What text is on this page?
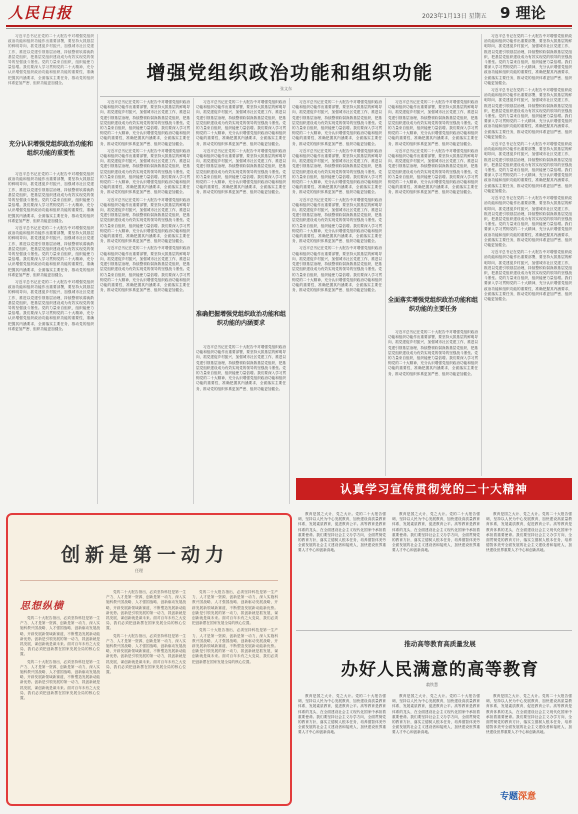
人民日报	2023年1月13日 星期五 9 理论
增强党组织政治功能和组织功能
张文东

习近平总书记在党的二十大报告中对增强党组织政治功能和组织功能作出重要部署，要坚持大抓基层的鲜明导向，抓党建促乡村振兴，加强城市社区党建工作，推进以党建引领基层治理，持续整顿软弱涣散基层党组织，把基层党组织建设成为有效实现党的领导的坚强战斗堡垒。党的力量来自组织，组织能使力量倍增。我们要深入学习贯彻党的二十大精神，充分认识增强党组织政治功能和组织功能的重要性，准确把握其内涵要求，全面落实主要任务，推动党的组织体系更加严密、组织功能更加健全。

充分认识增强党组织政治功能和组织功能的重要性

习近平总书记在党的二十大报告中对增强党组织政治功能和组织功能作出重要部署，要坚持大抓基层的鲜明导向，抓党建促乡村振兴，加强城市社区党建工作，推进以党建引领基层治理，持续整顿软弱涣散基层党组织，把基层党组织建设成为有效实现党的领导的坚强战斗堡垒。党的力量来自组织，组织能使力量倍增。我们要深入学习贯彻党的二十大精神，充分认识增强党组织政治功能和组织功能的重要性，准确把握其内涵要求，全面落实主要任务，推动党的组织体系更加严密、组织功能更加健全。

习近平总书记在党的二十大报告中对增强党组织政治功能和组织功能作出重要部署，要坚持大抓基层的鲜明导向，抓党建促乡村振兴，加强城市社区党建工作，推进以党建引领基层治理，持续整顿软弱涣散基层党组织，把基层党组织建设成为有效实现党的领导的坚强战斗堡垒。党的力量来自组织，组织能使力量倍增。我们要深入学习贯彻党的二十大精神，充分认识增强党组织政治功能和组织功能的重要性，准确把握其内涵要求，全面落实主要任务，推动党的组织体系更加严密、组织功能更加健全。

习近平总书记在党的二十大报告中对增强党组织政治功能和组织功能作出重要部署，要坚持大抓基层的鲜明导向，抓党建促乡村振兴，加强城市社区党建工作，推进以党建引领基层治理，持续整顿软弱涣散基层党组织，把基层党组织建设成为有效实现党的领导的坚强战斗堡垒。党的力量来自组织，组织能使力量倍增。我们要深入学习贯彻党的二十大精神，充分认识增强党组织政治功能和组织功能的重要性，准确把握其内涵要求，全面落实主要任务，推动党的组织体系更加严密、组织功能更加健全。

习近平总书记在党的二十大报告中对增强党组织政治功能和组织功能作出重要部署，要坚持大抓基层的鲜明导向，抓党建促乡村振兴，加强城市社区党建工作，推进以党建引领基层治理，持续整顿软弱涣散基层党组织，把基层党组织建设成为有效实现党的领导的坚强战斗堡垒。党的力量来自组织，组织能使力量倍增。我们要深入学习贯彻党的二十大精神，充分认识增强党组织政治功能和组织功能的重要性，准确把握其内涵要求，全面落实主要任务，推动党的组织体系更加严密、组织功能更加健全。

习近平总书记在党的二十大报告中对增强党组织政治功能和组织功能作出重要部署，要坚持大抓基层的鲜明导向，抓党建促乡村振兴，加强城市社区党建工作，推进以党建引领基层治理，持续整顿软弱涣散基层党组织，把基层党组织建设成为有效实现党的领导的坚强战斗堡垒。党的力量来自组织，组织能使力量倍增。我们要深入学习贯彻党的二十大精神，充分认识增强党组织政治功能和组织功能的重要性，准确把握其内涵要求，全面落实主要任务，推动党的组织体系更加严密、组织功能更加健全。

习近平总书记在党的二十大报告中对增强党组织政治功能和组织功能作出重要部署，要坚持大抓基层的鲜明导向，抓党建促乡村振兴，加强城市社区党建工作，推进以党建引领基层治理，持续整顿软弱涣散基层党组织，把基层党组织建设成为有效实现党的领导的坚强战斗堡垒。党的力量来自组织，组织能使力量倍增。我们要深入学习贯彻党的二十大精神，充分认识增强党组织政治功能和组织功能的重要性，准确把握其内涵要求，全面落实主要任务，推动党的组织体系更加严密、组织功能更加健全。

习近平总书记在党的二十大报告中对增强党组织政治功能和组织功能作出重要部署，要坚持大抓基层的鲜明导向，抓党建促乡村振兴，加强城市社区党建工作，推进以党建引领基层治理，持续整顿软弱涣散基层党组织，把基层党组织建设成为有效实现党的领导的坚强战斗堡垒。党的力量来自组织，组织能使力量倍增。我们要深入学习贯彻党的二十大精神，充分认识增强党组织政治功能和组织功能的重要性，准确把握其内涵要求，全面落实主要任务，推动党的组织体系更加严密、组织功能更加健全。

习近平总书记在党的二十大报告中对增强党组织政治功能和组织功能作出重要部署，要坚持大抓基层的鲜明导向，抓党建促乡村振兴，加强城市社区党建工作，推进以党建引领基层治理，持续整顿软弱涣散基层党组织，把基层党组织建设成为有效实现党的领导的坚强战斗堡垒。党的力量来自组织，组织能使力量倍增。我们要深入学习贯彻党的二十大精神，充分认识增强党组织政治功能和组织功能的重要性，准确把握其内涵要求，全面落实主要任务，推动党的组织体系更加严密、组织功能更加健全。

习近平总书记在党的二十大报告中对增强党组织政治功能和组织功能作出重要部署，要坚持大抓基层的鲜明导向，抓党建促乡村振兴，加强城市社区党建工作，推进以党建引领基层治理，持续整顿软弱涣散基层党组织，把基层党组织建设成为有效实现党的领导的坚强战斗堡垒。党的力量来自组织，组织能使力量倍增。我们要深入学习贯彻党的二十大精神，充分认识增强党组织政治功能和组织功能的重要性，准确把握其内涵要求，全面落实主要任务，推动党的组织体系更加严密、组织功能更加健全。

准确把握增强党组织政治功能和组织功能的内涵要求

习近平总书记在党的二十大报告中对增强党组织政治功能和组织功能作出重要部署，要坚持大抓基层的鲜明导向，抓党建促乡村振兴，加强城市社区党建工作，推进以党建引领基层治理，持续整顿软弱涣散基层党组织，把基层党组织建设成为有效实现党的领导的坚强战斗堡垒。党的力量来自组织，组织能使力量倍增。我们要深入学习贯彻党的二十大精神，充分认识增强党组织政治功能和组织功能的重要性，准确把握其内涵要求，全面落实主要任务，推动党的组织体系更加严密、组织功能更加健全。

习近平总书记在党的二十大报告中对增强党组织政治功能和组织功能作出重要部署，要坚持大抓基层的鲜明导向，抓党建促乡村振兴，加强城市社区党建工作，推进以党建引领基层治理，持续整顿软弱涣散基层党组织，把基层党组织建设成为有效实现党的领导的坚强战斗堡垒。党的力量来自组织，组织能使力量倍增。我们要深入学习贯彻党的二十大精神，充分认识增强党组织政治功能和组织功能的重要性，准确把握其内涵要求，全面落实主要任务，推动党的组织体系更加严密、组织功能更加健全。

习近平总书记在党的二十大报告中对增强党组织政治功能和组织功能作出重要部署，要坚持大抓基层的鲜明导向，抓党建促乡村振兴，加强城市社区党建工作，推进以党建引领基层治理，持续整顿软弱涣散基层党组织，把基层党组织建设成为有效实现党的领导的坚强战斗堡垒。党的力量来自组织，组织能使力量倍增。我们要深入学习贯彻党的二十大精神，充分认识增强党组织政治功能和组织功能的重要性，准确把握其内涵要求，全面落实主要任务，推动党的组织体系更加严密、组织功能更加健全。

习近平总书记在党的二十大报告中对增强党组织政治功能和组织功能作出重要部署，要坚持大抓基层的鲜明导向，抓党建促乡村振兴，加强城市社区党建工作，推进以党建引领基层治理，持续整顿软弱涣散基层党组织，把基层党组织建设成为有效实现党的领导的坚强战斗堡垒。党的力量来自组织，组织能使力量倍增。我们要深入学习贯彻党的二十大精神，充分认识增强党组织政治功能和组织功能的重要性，准确把握其内涵要求，全面落实主要任务，推动党的组织体系更加严密、组织功能更加健全。

习近平总书记在党的二十大报告中对增强党组织政治功能和组织功能作出重要部署，要坚持大抓基层的鲜明导向，抓党建促乡村振兴，加强城市社区党建工作，推进以党建引领基层治理，持续整顿软弱涣散基层党组织，把基层党组织建设成为有效实现党的领导的坚强战斗堡垒。党的力量来自组织，组织能使力量倍增。我们要深入学习贯彻党的二十大精神，充分认识增强党组织政治功能和组织功能的重要性，准确把握其内涵要求，全面落实主要任务，推动党的组织体系更加严密、组织功能更加健全。

习近平总书记在党的二十大报告中对增强党组织政治功能和组织功能作出重要部署，要坚持大抓基层的鲜明导向，抓党建促乡村振兴，加强城市社区党建工作，推进以党建引领基层治理，持续整顿软弱涣散基层党组织，把基层党组织建设成为有效实现党的领导的坚强战斗堡垒。党的力量来自组织，组织能使力量倍增。我们要深入学习贯彻党的二十大精神，充分认识增强党组织政治功能和组织功能的重要性，准确把握其内涵要求，全面落实主要任务，推动党的组织体系更加严密、组织功能更加健全。

习近平总书记在党的二十大报告中对增强党组织政治功能和组织功能作出重要部署，要坚持大抓基层的鲜明导向，抓党建促乡村振兴，加强城市社区党建工作，推进以党建引领基层治理，持续整顿软弱涣散基层党组织，把基层党组织建设成为有效实现党的领导的坚强战斗堡垒。党的力量来自组织，组织能使力量倍增。我们要深入学习贯彻党的二十大精神，充分认识增强党组织政治功能和组织功能的重要性，准确把握其内涵要求，全面落实主要任务，推动党的组织体系更加严密、组织功能更加健全。

全面落实增强党组织政治功能和组织功能的主要任务

习近平总书记在党的二十大报告中对增强党组织政治功能和组织功能作出重要部署，要坚持大抓基层的鲜明导向，抓党建促乡村振兴，加强城市社区党建工作，推进以党建引领基层治理，持续整顿软弱涣散基层党组织，把基层党组织建设成为有效实现党的领导的坚强战斗堡垒。党的力量来自组织，组织能使力量倍增。我们要深入学习贯彻党的二十大精神，充分认识增强党组织政治功能和组织功能的重要性，准确把握其内涵要求，全面落实主要任务，推动党的组织体系更加严密、组织功能更加健全。

习近平总书记在党的二十大报告中对增强党组织政治功能和组织功能作出重要部署，要坚持大抓基层的鲜明导向，抓党建促乡村振兴，加强城市社区党建工作，推进以党建引领基层治理，持续整顿软弱涣散基层党组织，把基层党组织建设成为有效实现党的领导的坚强战斗堡垒。党的力量来自组织，组织能使力量倍增。我们要深入学习贯彻党的二十大精神，充分认识增强党组织政治功能和组织功能的重要性，准确把握其内涵要求，全面落实主要任务，推动党的组织体系更加严密、组织功能更加健全。

习近平总书记在党的二十大报告中对增强党组织政治功能和组织功能作出重要部署，要坚持大抓基层的鲜明导向，抓党建促乡村振兴，加强城市社区党建工作，推进以党建引领基层治理，持续整顿软弱涣散基层党组织，把基层党组织建设成为有效实现党的领导的坚强战斗堡垒。党的力量来自组织，组织能使力量倍增。我们要深入学习贯彻党的二十大精神，充分认识增强党组织政治功能和组织功能的重要性，准确把握其内涵要求，全面落实主要任务，推动党的组织体系更加严密、组织功能更加健全。

习近平总书记在党的二十大报告中对增强党组织政治功能和组织功能作出重要部署，要坚持大抓基层的鲜明导向，抓党建促乡村振兴，加强城市社区党建工作，推进以党建引领基层治理，持续整顿软弱涣散基层党组织，把基层党组织建设成为有效实现党的领导的坚强战斗堡垒。党的力量来自组织，组织能使力量倍增。我们要深入学习贯彻党的二十大精神，充分认识增强党组织政治功能和组织功能的重要性，准确把握其内涵要求，全面落实主要任务，推动党的组织体系更加严密、组织功能更加健全。

习近平总书记在党的二十大报告中对增强党组织政治功能和组织功能作出重要部署，要坚持大抓基层的鲜明导向，抓党建促乡村振兴，加强城市社区党建工作，推进以党建引领基层治理，持续整顿软弱涣散基层党组织，把基层党组织建设成为有效实现党的领导的坚强战斗堡垒。党的力量来自组织，组织能使力量倍增。我们要深入学习贯彻党的二十大精神，充分认识增强党组织政治功能和组织功能的重要性，准确把握其内涵要求，全面落实主要任务，推动党的组织体系更加严密、组织功能更加健全。

习近平总书记在党的二十大报告中对增强党组织政治功能和组织功能作出重要部署，要坚持大抓基层的鲜明导向，抓党建促乡村振兴，加强城市社区党建工作，推进以党建引领基层治理，持续整顿软弱涣散基层党组织，把基层党组织建设成为有效实现党的领导的坚强战斗堡垒。党的力量来自组织，组织能使力量倍增。我们要深入学习贯彻党的二十大精神，充分认识增强党组织政治功能和组织功能的重要性，准确把握其内涵要求，全面落实主要任务，推动党的组织体系更加严密、组织功能更加健全。

认真学习宣传贯彻党的二十大精神
创新是第一动力
任理
思想纵横

党的二十大报告指出，必须坚持科技是第一生产力、人才是第一资源、创新是第一动力，深入实施科教兴国战略、人才强国战略、创新驱动发展战略，开辟发展新领域新赛道，不断塑造发展新动能新优势。创新是引领发展的第一动力，抓创新就是抓发展，谋创新就是谋未来。面对百年未有之大变局，我们必须把创新摆在国家发展全局的核心位置。

党的二十大报告指出，必须坚持科技是第一生产力、人才是第一资源、创新是第一动力，深入实施科教兴国战略、人才强国战略、创新驱动发展战略，开辟发展新领域新赛道，不断塑造发展新动能新优势。创新是引领发展的第一动力，抓创新就是抓发展，谋创新就是谋未来。面对百年未有之大变局，我们必须把创新摆在国家发展全局的核心位置。

党的二十大报告指出，必须坚持科技是第一生产力、人才是第一资源、创新是第一动力，深入实施科教兴国战略、人才强国战略、创新驱动发展战略，开辟发展新领域新赛道，不断塑造发展新动能新优势。创新是引领发展的第一动力，抓创新就是抓发展，谋创新就是谋未来。面对百年未有之大变局，我们必须把创新摆在国家发展全局的核心位置。

党的二十大报告指出，必须坚持科技是第一生产力、人才是第一资源、创新是第一动力，深入实施科教兴国战略、人才强国战略、创新驱动发展战略，开辟发展新领域新赛道，不断塑造发展新动能新优势。创新是引领发展的第一动力，抓创新就是抓发展，谋创新就是谋未来。面对百年未有之大变局，我们必须把创新摆在国家发展全局的核心位置。

党的二十大报告指出，必须坚持科技是第一生产力、人才是第一资源、创新是第一动力，深入实施科教兴国战略、人才强国战略、创新驱动发展战略，开辟发展新领域新赛道，不断塑造发展新动能新优势。创新是引领发展的第一动力，抓创新就是抓发展，谋创新就是谋未来。面对百年未有之大变局，我们必须把创新摆在国家发展全局的核心位置。

党的二十大报告指出，必须坚持科技是第一生产力、人才是第一资源、创新是第一动力，深入实施科教兴国战略、人才强国战略、创新驱动发展战略，开辟发展新领域新赛道，不断塑造发展新动能新优势。创新是引领发展的第一动力，抓创新就是抓发展，谋创新就是谋未来。面对百年未有之大变局，我们必须把创新摆在国家发展全局的核心位置。

教育是国之大计、党之大计。党的二十大报告强调，坚持以人民为中心发展教育，加快建设高质量教育体系，发展素质教育，促进教育公平。高等教育是教育体系的龙头，在全面建设社会主义现代化国家中承担着重要使命。我们要坚持社会主义办学方向，全面贯彻党的教育方针，落实立德树人根本任务，培养德智体美劳全面发展的社会主义建设者和接班人，加快建设世界重要人才中心和创新高地。

教育是国之大计、党之大计。党的二十大报告强调，坚持以人民为中心发展教育，加快建设高质量教育体系，发展素质教育，促进教育公平。高等教育是教育体系的龙头，在全面建设社会主义现代化国家中承担着重要使命。我们要坚持社会主义办学方向，全面贯彻党的教育方针，落实立德树人根本任务，培养德智体美劳全面发展的社会主义建设者和接班人，加快建设世界重要人才中心和创新高地。

教育是国之大计、党之大计。党的二十大报告强调，坚持以人民为中心发展教育，加快建设高质量教育体系，发展素质教育，促进教育公平。高等教育是教育体系的龙头，在全面建设社会主义现代化国家中承担着重要使命。我们要坚持社会主义办学方向，全面贯彻党的教育方针，落实立德树人根本任务，培养德智体美劳全面发展的社会主义建设者和接班人，加快建设世界重要人才中心和创新高地。

推动高等教育高质量发展
办好人民满意的高等教育
翁铁慧

教育是国之大计、党之大计。党的二十大报告强调，坚持以人民为中心发展教育，加快建设高质量教育体系，发展素质教育，促进教育公平。高等教育是教育体系的龙头，在全面建设社会主义现代化国家中承担着重要使命。我们要坚持社会主义办学方向，全面贯彻党的教育方针，落实立德树人根本任务，培养德智体美劳全面发展的社会主义建设者和接班人，加快建设世界重要人才中心和创新高地。

教育是国之大计、党之大计。党的二十大报告强调，坚持以人民为中心发展教育，加快建设高质量教育体系，发展素质教育，促进教育公平。高等教育是教育体系的龙头，在全面建设社会主义现代化国家中承担着重要使命。我们要坚持社会主义办学方向，全面贯彻党的教育方针，落实立德树人根本任务，培养德智体美劳全面发展的社会主义建设者和接班人，加快建设世界重要人才中心和创新高地。

教育是国之大计、党之大计。党的二十大报告强调，坚持以人民为中心发展教育，加快建设高质量教育体系，发展素质教育，促进教育公平。高等教育是教育体系的龙头，在全面建设社会主义现代化国家中承担着重要使命。我们要坚持社会主义办学方向，全面贯彻党的教育方针，落实立德树人根本任务，培养德智体美劳全面发展的社会主义建设者和接班人，加快建设世界重要人才中心和创新高地。

专题深意
